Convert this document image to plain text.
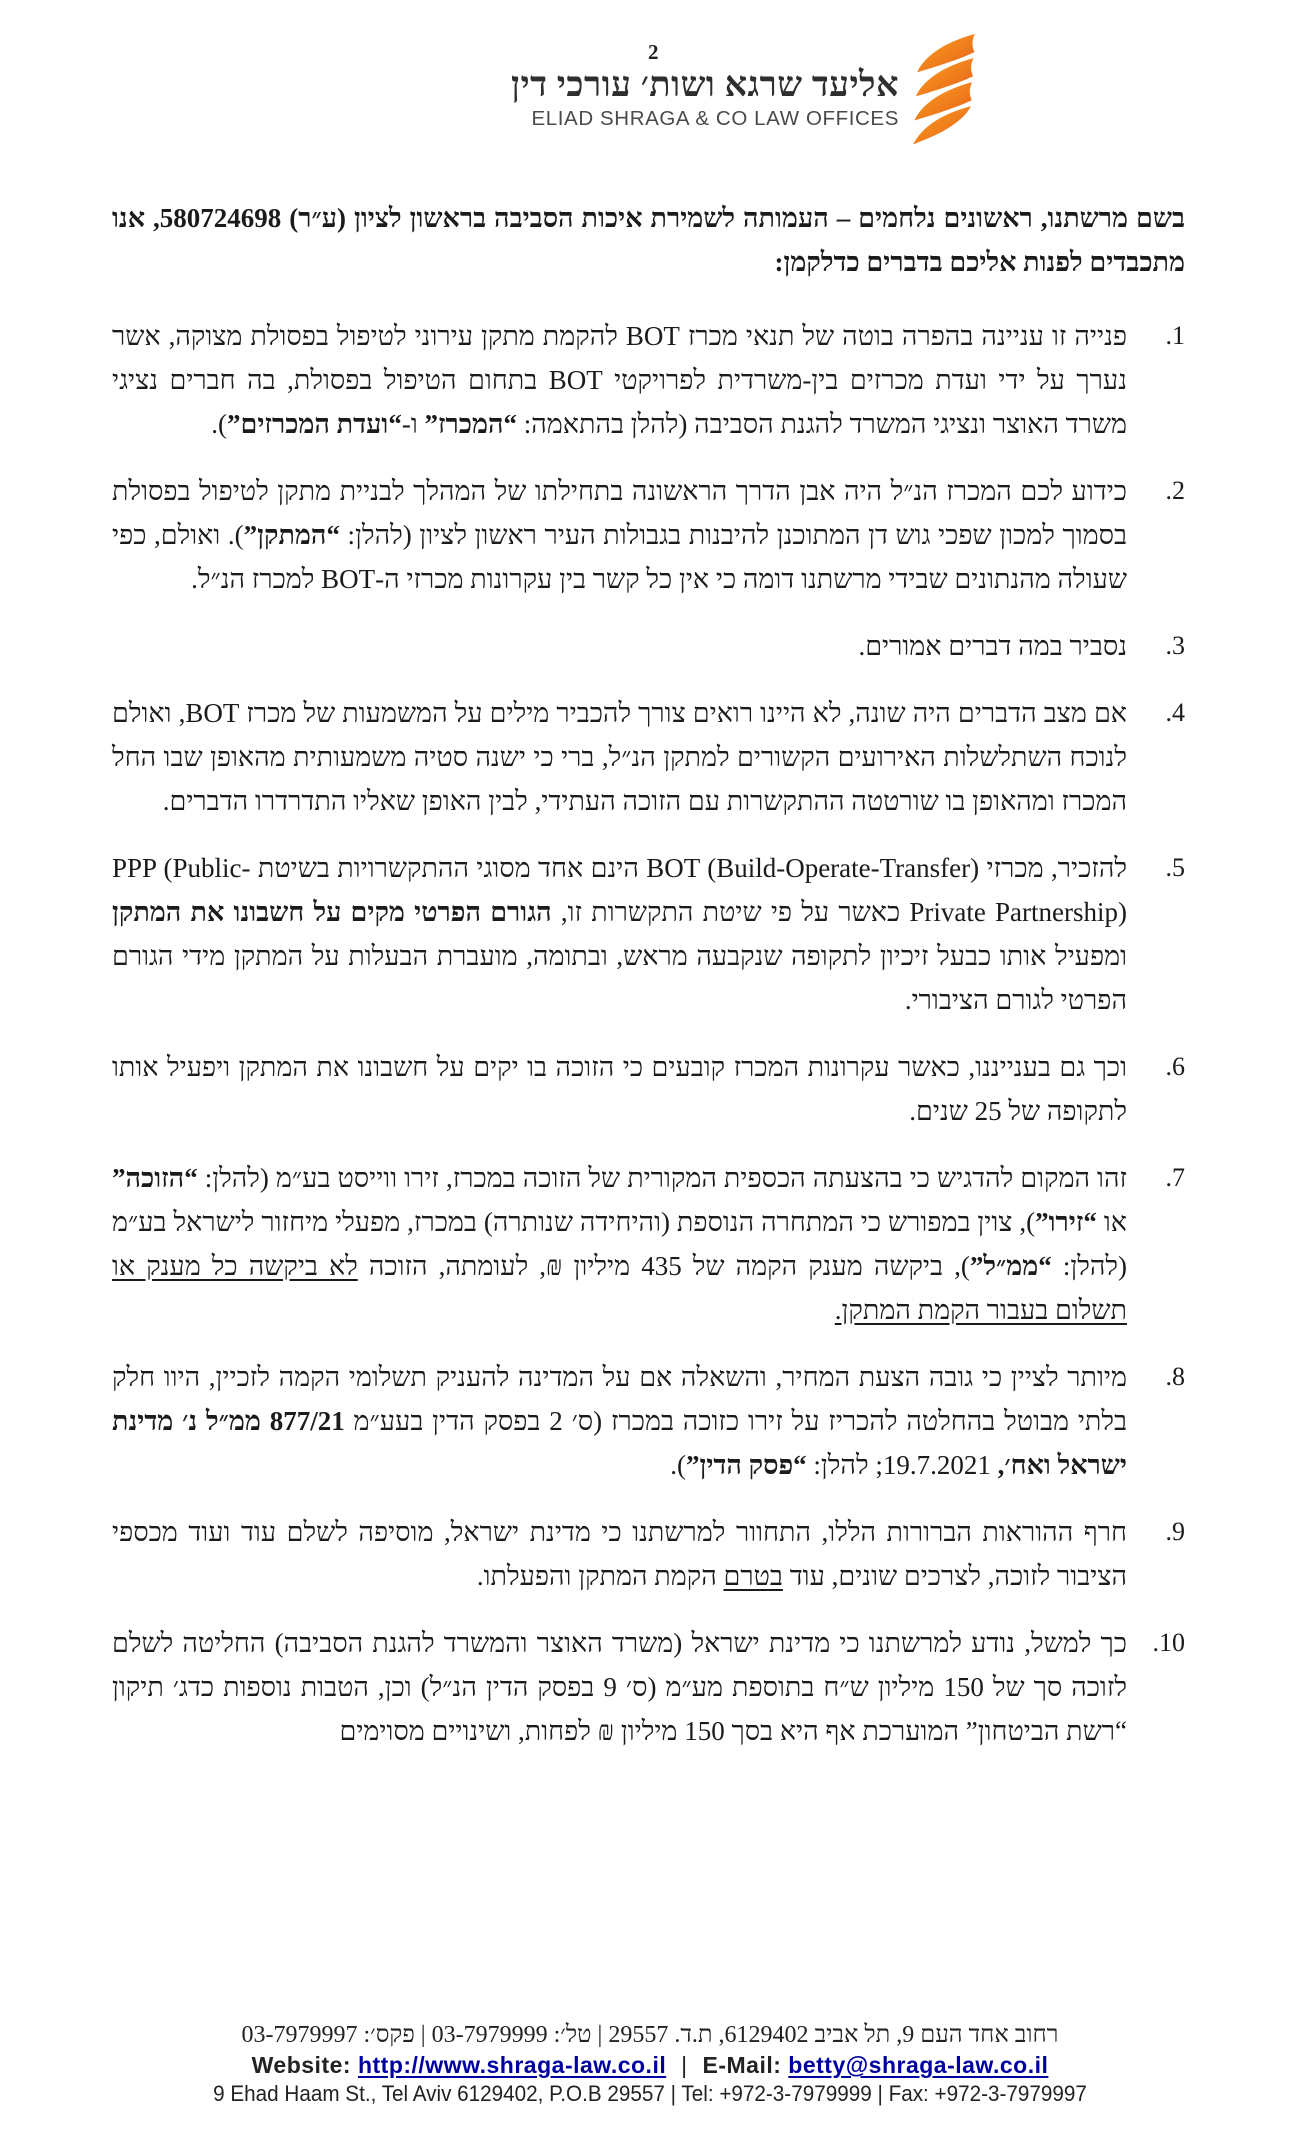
2
אליעד שרגא ושות׳ עורכי דין
ELIAD SHRAGA & CO LAW OFFICES

בשם מרשתנו, ראשונים נלחמים – העמותה לשמירת איכות הסביבה בראשון לציון (ע״ר) 580724698, אנו מתכבדים לפנות אליכם בדברים כדלקמן:

1.
פנייה זו עניינה בהפרה בוטה של תנאי מכרז BOT להקמת מתקן עירוני לטיפול בפסולת מצוקה, אשר נערך על ידי ועדת מכרזים בין-משרדית לפרויקטי BOT בתחום הטיפול בפסולת, בה חברים נציגי משרד האוצר ונציגי המשרד להגנת הסביבה (להלן בהתאמה: “המכרז” ו-“ועדת המכרזים”).
2.
כידוע לכם המכרז הנ״ל היה אבן הדרך הראשונה בתחילתו של המהלך לבניית מתקן לטיפול בפסולת בסמוך למכון שפכי גוש דן המתוכנן להיבנות בגבולות העיר ראשון לציון (להלן: “המתקן”). ואולם, כפי שעולה מהנתונים שבידי מרשתנו דומה כי אין כל קשר בין עקרונות מכרזי ה-BOT למכרז הנ״ל.
3.
נסביר במה דברים אמורים.
4.
אם מצב הדברים היה שונה, לא היינו רואים צורך להכביר מילים על המשמעות של מכרז BOT, ואולם לנוכח השתלשלות האירועים הקשורים למתקן הנ״ל, ברי כי ישנה סטיה משמעותית מהאופן שבו החל המכרז ומהאופן בו שורטטה ההתקשרות עם הזוכה העתידי, לבין האופן שאליו התדרדרו הדברים.
5.
להזכיר, מכרזי BOT (Build-Operate-Transfer) הינם אחד מסוגי ההתקשרויות בשיטת PPP (Public-Private Partnership) כאשר על פי שיטת התקשרות זו, הגורם הפרטי מקים על חשבונו את המתקן ומפעיל אותו כבעל זיכיון לתקופה שנקבעה מראש, ובתומה, מועברת הבעלות על המתקן מידי הגורם הפרטי לגורם הציבורי.
6.
וכך גם בענייננו, כאשר עקרונות המכרז קובעים כי הזוכה בו יקים על חשבונו את המתקן ויפעיל אותו לתקופה של 25 שנים.
7.
זהו המקום להדגיש כי בהצעתה הכספית המקורית של הזוכה במכרז, זירו ווייסט בע״מ (להלן: “הזוכה” או “זירו”), צוין במפורש כי המתחרה הנוספת (והיחידה שנותרה) במכרז, מפעלי מיחזור לישראל בע״מ (להלן: “ממ״ל”), ביקשה מענק הקמה של 435 מיליון ₪, לעומתה, הזוכה לא ביקשה כל מענק או תשלום בעבור הקמת המתקן.
8.
מיותר לציין כי גובה הצעת המחיר, והשאלה אם על המדינה להעניק תשלומי הקמה לזכיין, היוו חלק בלתי מבוטל בהחלטה להכריז על זירו כזוכה במכרז (ס׳ 2 בפסק הדין בעע״מ 877/21 ממ״ל נ׳ מדינת ישראל ואח׳, 19.7.2021; להלן: “פסק הדין”).
9.
חרף ההוראות הברורות הללו, התחוור למרשתנו כי מדינת ישראל, מוסיפה לשלם עוד ועוד מכספי הציבור לזוכה, לצרכים שונים, עוד בטרם הקמת המתקן והפעלתו.
10.
כך למשל, נודע למרשתנו כי מדינת ישראל (משרד האוצר והמשרד להגנת הסביבה) החליטה לשלם לזוכה סך של 150 מיליון ש״ח בתוספת מע״מ (ס׳ 9 בפסק הדין הנ״ל) וכן, הטבות נוספות כדג׳ תיקון “רשת הביטחון” המוערכת אף היא בסך 150 מיליון ₪ לפחות, ושינויים מסוימים
רחוב אחד העם 9, תל אביב 6129402, ת.ד. 29557 | טל׳: 03-7979999 | פקס׳: 03-7979997
Website: http://www.shraga-law.co.il | E-Mail: betty@shraga-law.co.il
9 Ehad Haam St., Tel Aviv 6129402, P.O.B 29557 | Tel: +972-3-7979999 | Fax: +972-3-7979997
